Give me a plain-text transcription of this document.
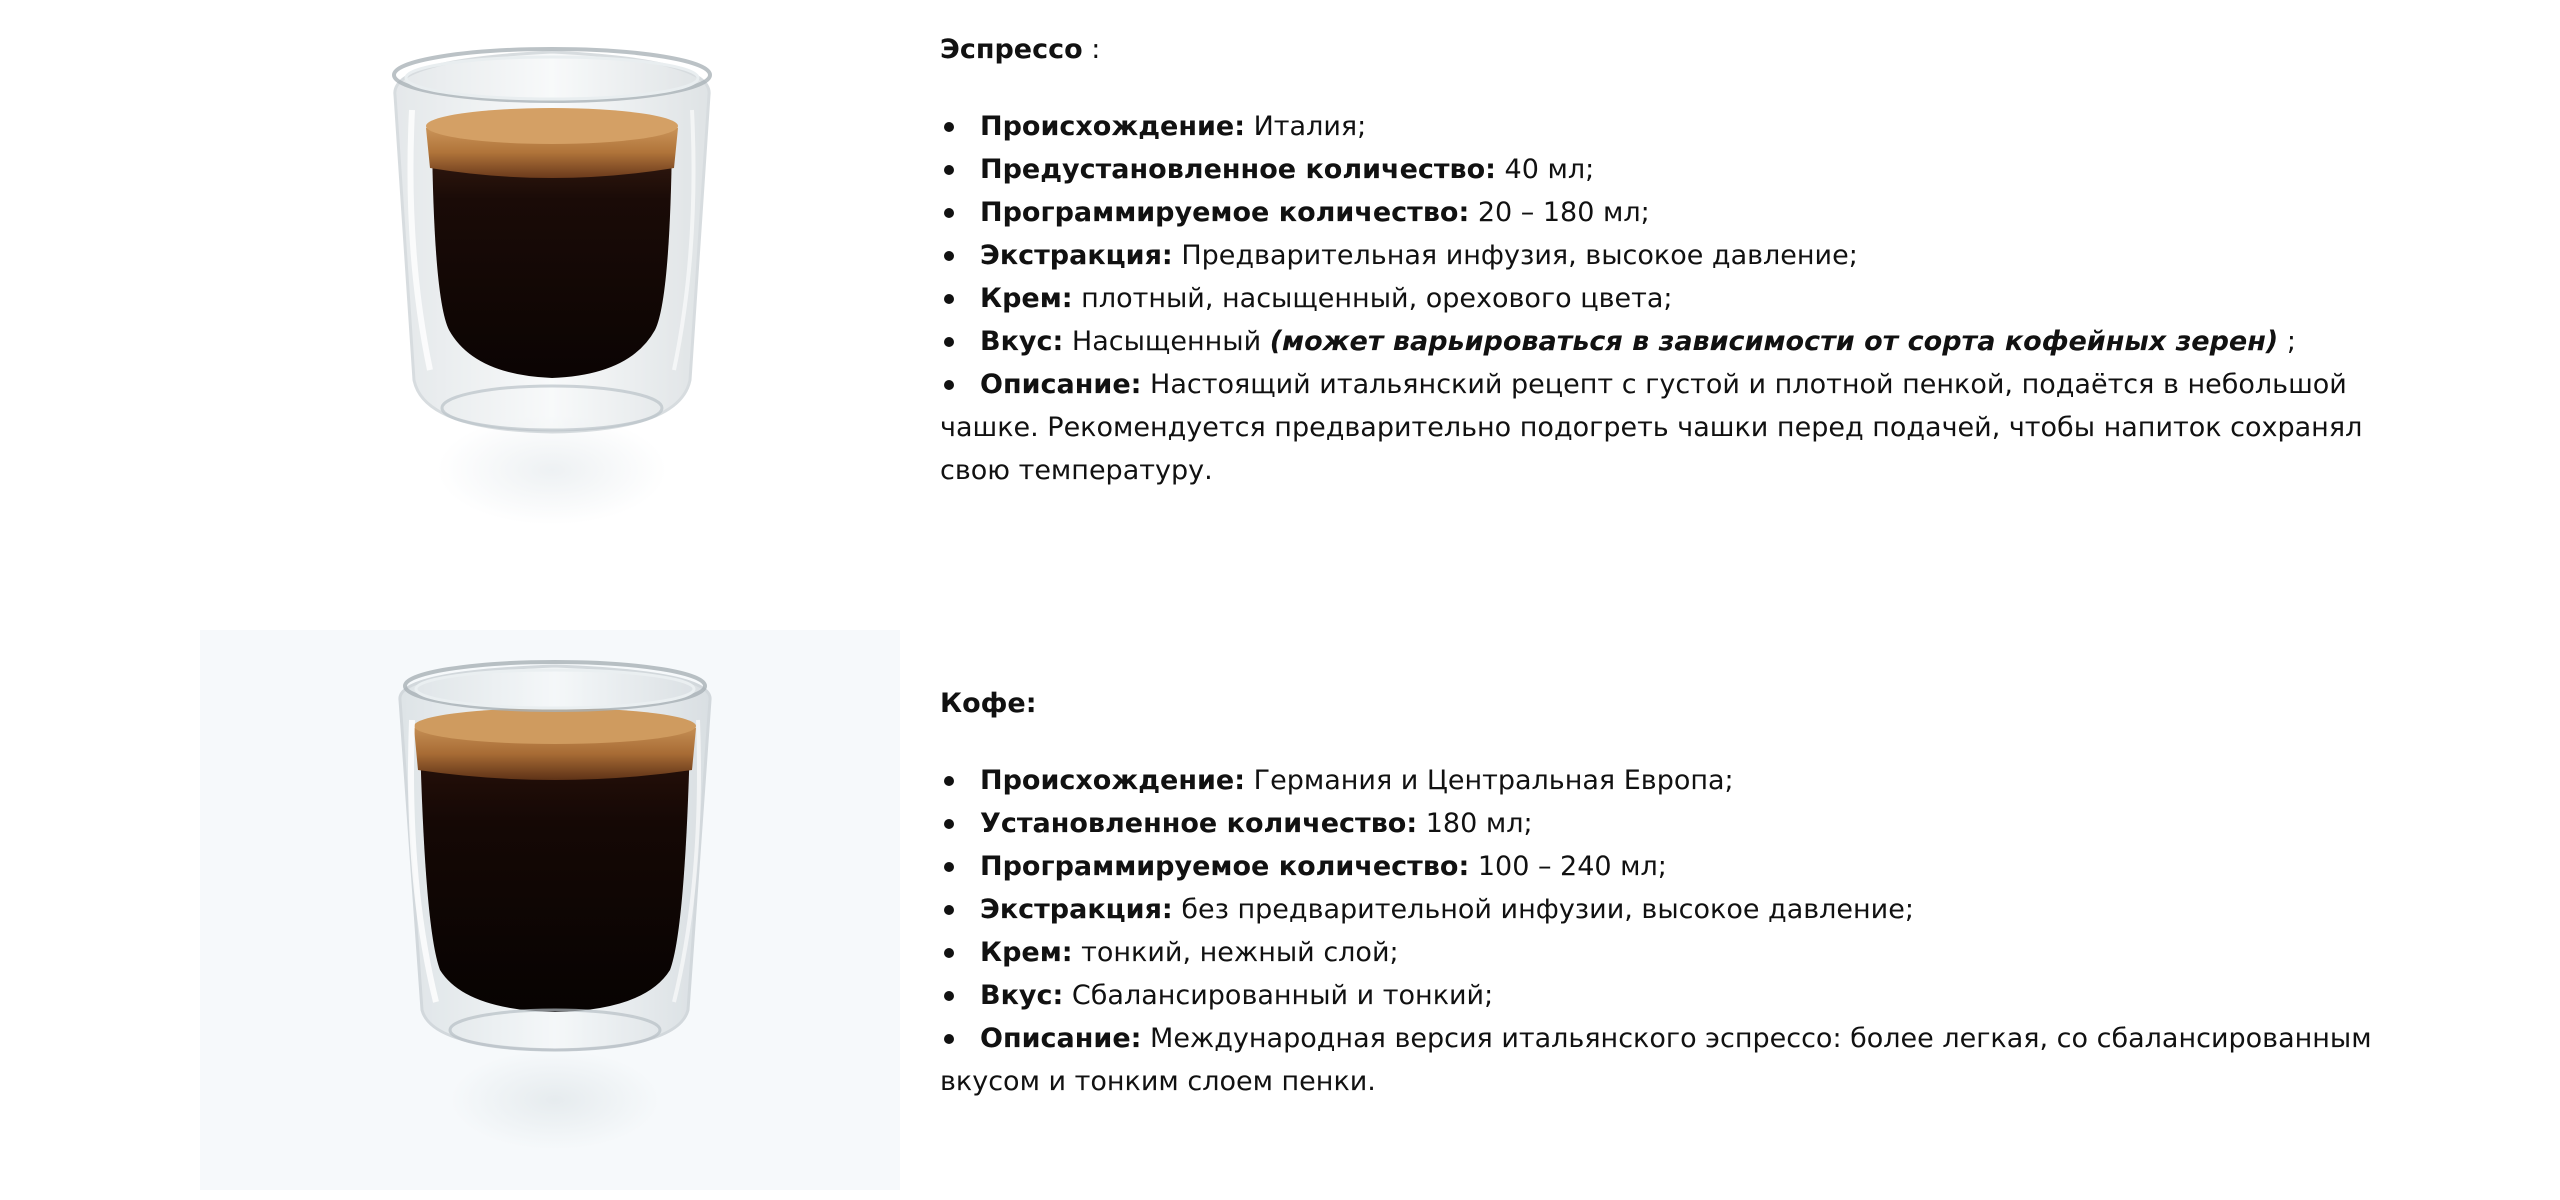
Эспрессо :

Происхождение: Италия;
Предустановленное количество: 40 мл;
Программируемое количество: 20 – 180 мл;
Экстракция: Предварительная инфузия, высокое давление;
Крем: плотный, насыщенный, орехового цвета;
Вкус: Насыщенный (может варьироваться в зависимости от сорта кофейных зерен) ;
Описание: Настоящий итальянский рецепт с густой и плотной пенкой, подаётся в небольшой чашке. Рекомендуется предварительно подогреть чашки перед подачей, чтобы напиток сохранял свою температуру.

Кофе:

Происхождение: Германия и Центральная Европа;
Установленное количество: 180 мл;
Программируемое количество: 100 – 240 мл;
Экстракция: без предварительной инфузии, высокое давление;
Крем: тонкий, нежный слой;
Вкус: Сбалансированный и тонкий;
Описание: Международная версия итальянского эспрессо: более легкая, со сбалансированным вкусом и тонким слоем пенки.
